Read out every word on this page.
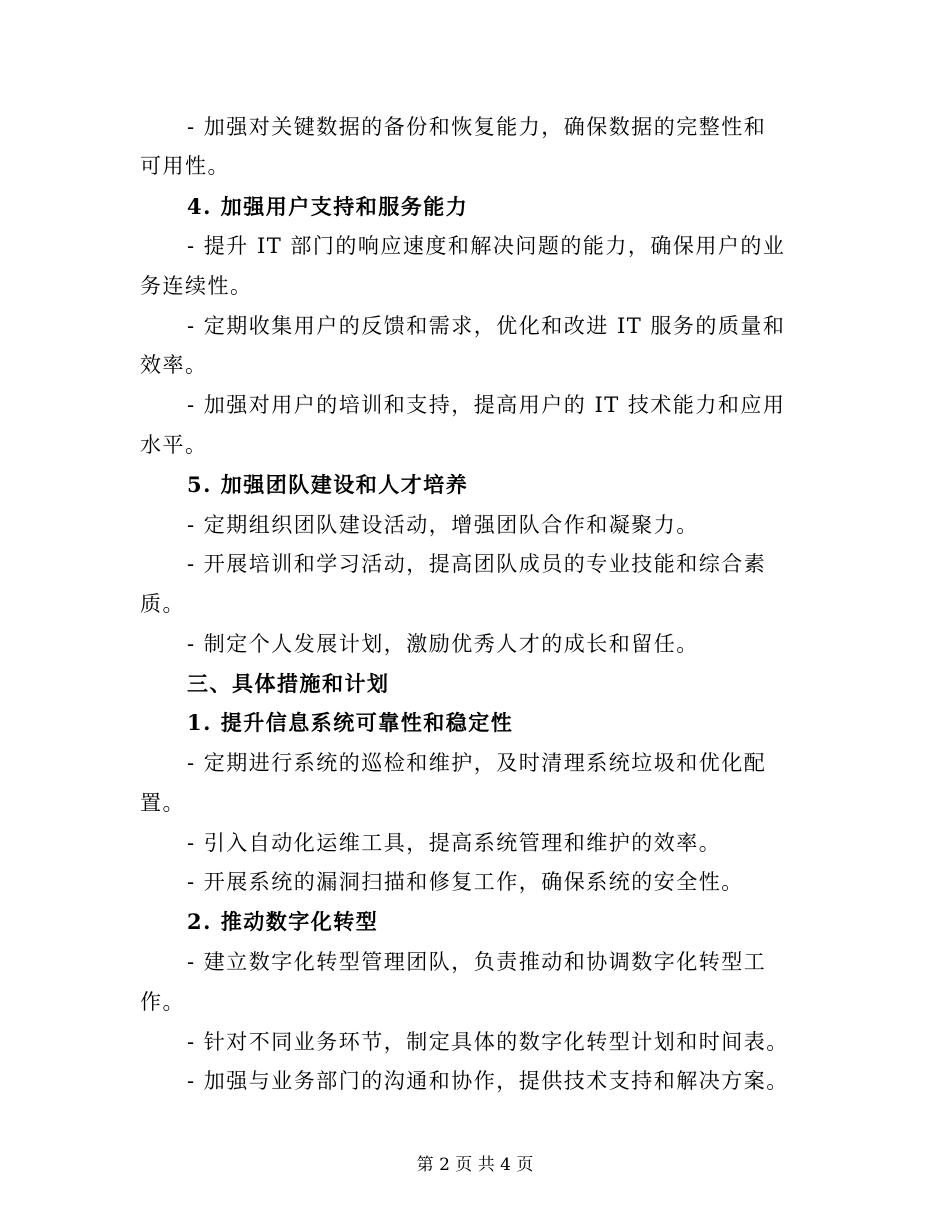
- 加强对关键数据的备份和恢复能力，确保数据的完整性和
可用性。
4. 加强用户支持和服务能力
- 提升 IT 部门的响应速度和解决问题的能力，确保用户的业
务连续性。
- 定期收集用户的反馈和需求，优化和改进 IT 服务的质量和
效率。
- 加强对用户的培训和支持，提高用户的 IT 技术能力和应用
水平。
5. 加强团队建设和人才培养
- 定期组织团队建设活动，增强团队合作和凝聚力。
- 开展培训和学习活动，提高团队成员的专业技能和综合素
质。
- 制定个人发展计划，激励优秀人才的成长和留任。
三、具体措施和计划
1. 提升信息系统可靠性和稳定性
- 定期进行系统的巡检和维护，及时清理系统垃圾和优化配
置。
- 引入自动化运维工具，提高系统管理和维护的效率。
- 开展系统的漏洞扫描和修复工作，确保系统的安全性。
2. 推动数字化转型
- 建立数字化转型管理团队，负责推动和协调数字化转型工
作。
- 针对不同业务环节，制定具体的数字化转型计划和时间表。
- 加强与业务部门的沟通和协作，提供技术支持和解决方案。
第 2 页 共 4 页
